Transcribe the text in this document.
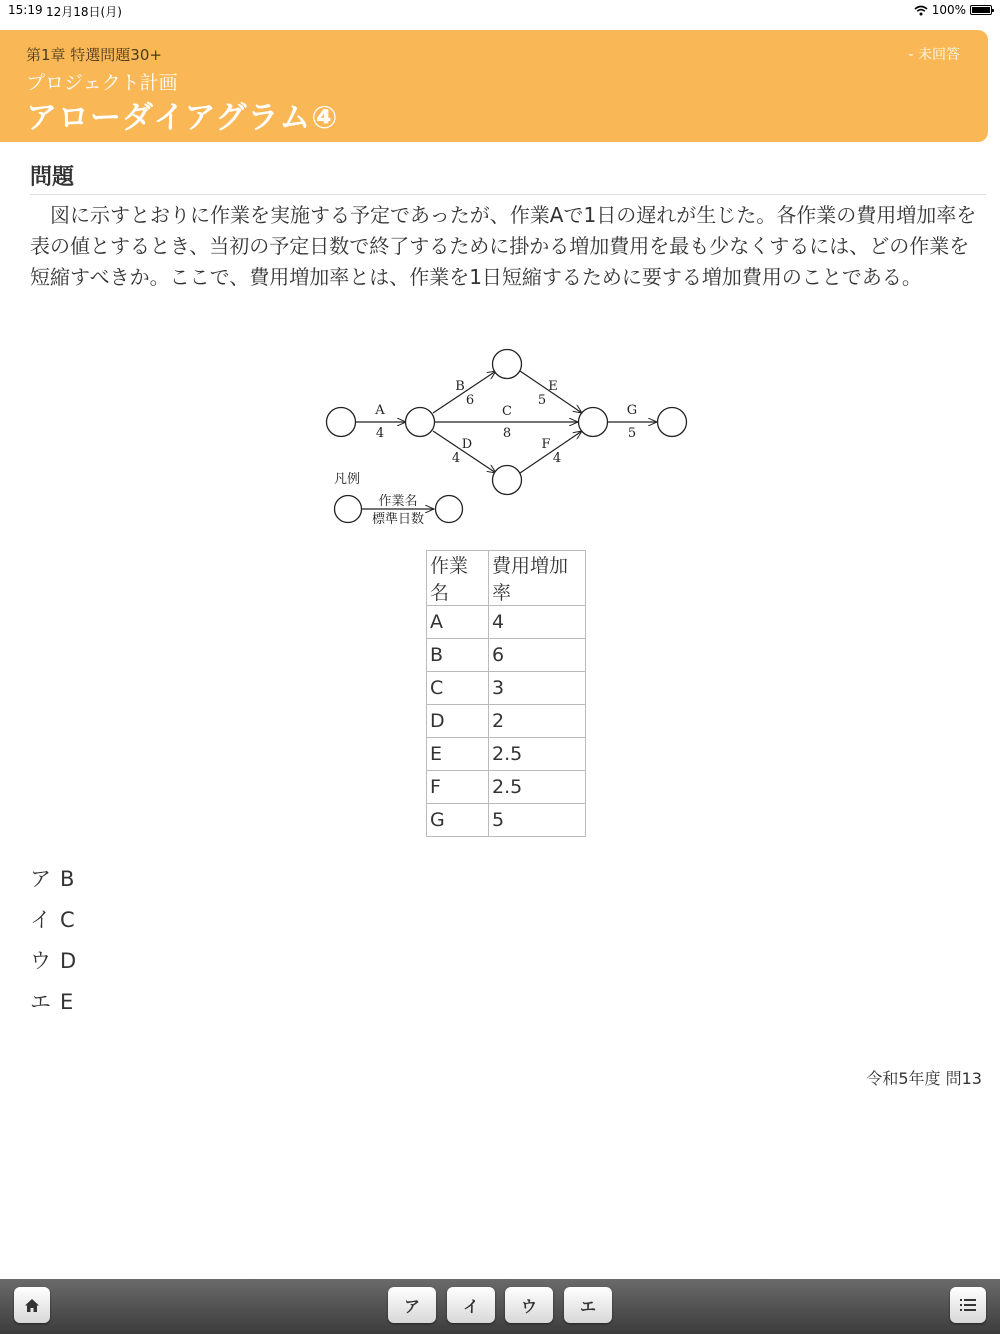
15:19 12月18日(月)	100%
第1章 特選問題30+	- 未回答
プロジェクト計画
アローダイアグラム④
問題

図に示すとおりに作業を実施する予定であったが、作業Aで1日の遅れが生じた。各作業の費用増加率を表の値とするとき、当初の予定日数で終了するために掛かる増加費用を最も少なくするには、どの作業を短縮すべきか。ここで、費用増加率とは、作業を1日短縮するために要する増加費用のことである。

A
4
B
6
C
8
D
4
E
5
F
4
G
5
凡例
作業名
標準日数
作業名	費用増加率
A	4
B	6
C	3
D	2
E	2.5
F	2.5
G	5
ア B
イ C
ウ D
エ E
令和5年度 問13
ア	イ	ウ	エ
